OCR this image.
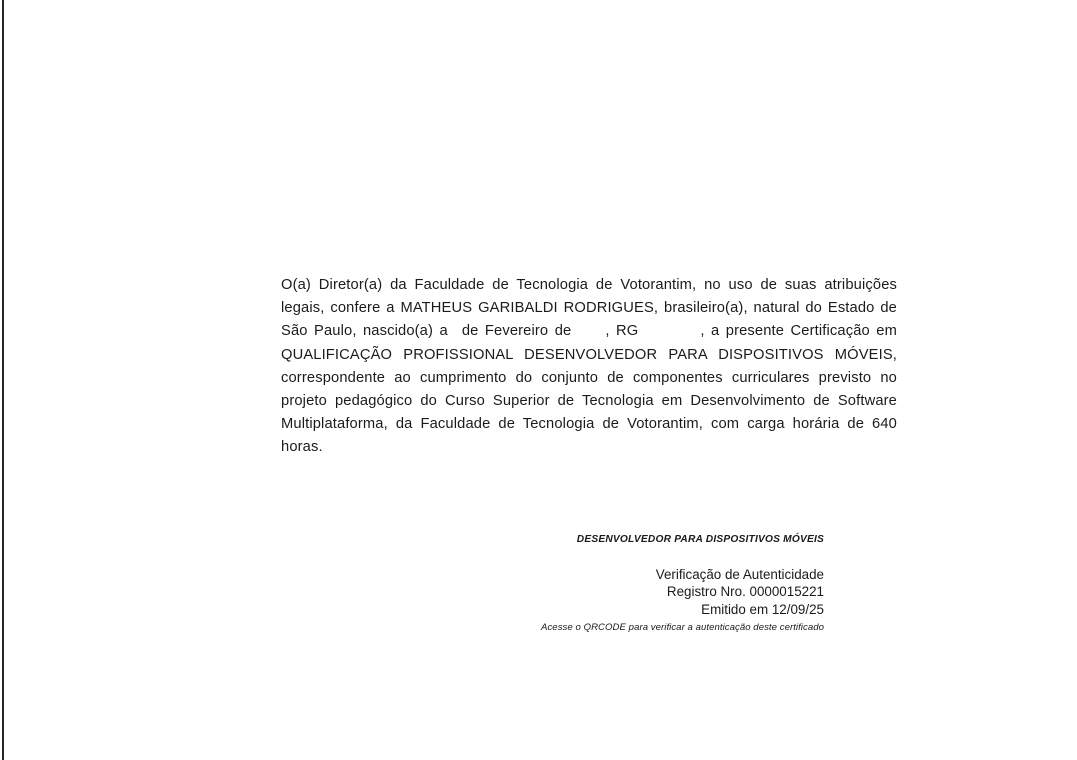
O(a) Diretor(a) da Faculdade de Tecnologia de Votorantim, no uso de suas atribuições legais, confere a MATHEUS GARIBALDI RODRIGUES, brasileiro(a), natural do Estado de São Paulo, nascido(a) a de Fevereiro de , RG	, a presente Certificação em QUALIFICAÇÃO PROFISSIONAL DESENVOLVEDOR PARA DISPOSITIVOS MÓVEIS, correspondente ao cumprimento do conjunto de componentes curriculares previsto no projeto pedagógico do Curso Superior de Tecnologia em Desenvolvimento de Software Multiplataforma, da Faculdade de Tecnologia de Votorantim, com carga horária de 640 horas.

DESENVOLVEDOR PARA DISPOSITIVOS MÓVEIS
Verificação de Autenticidade
Registro Nro. 0000015221
Emitido em 12/09/25
Acesse o QRCODE para verificar a autenticação deste certificado
